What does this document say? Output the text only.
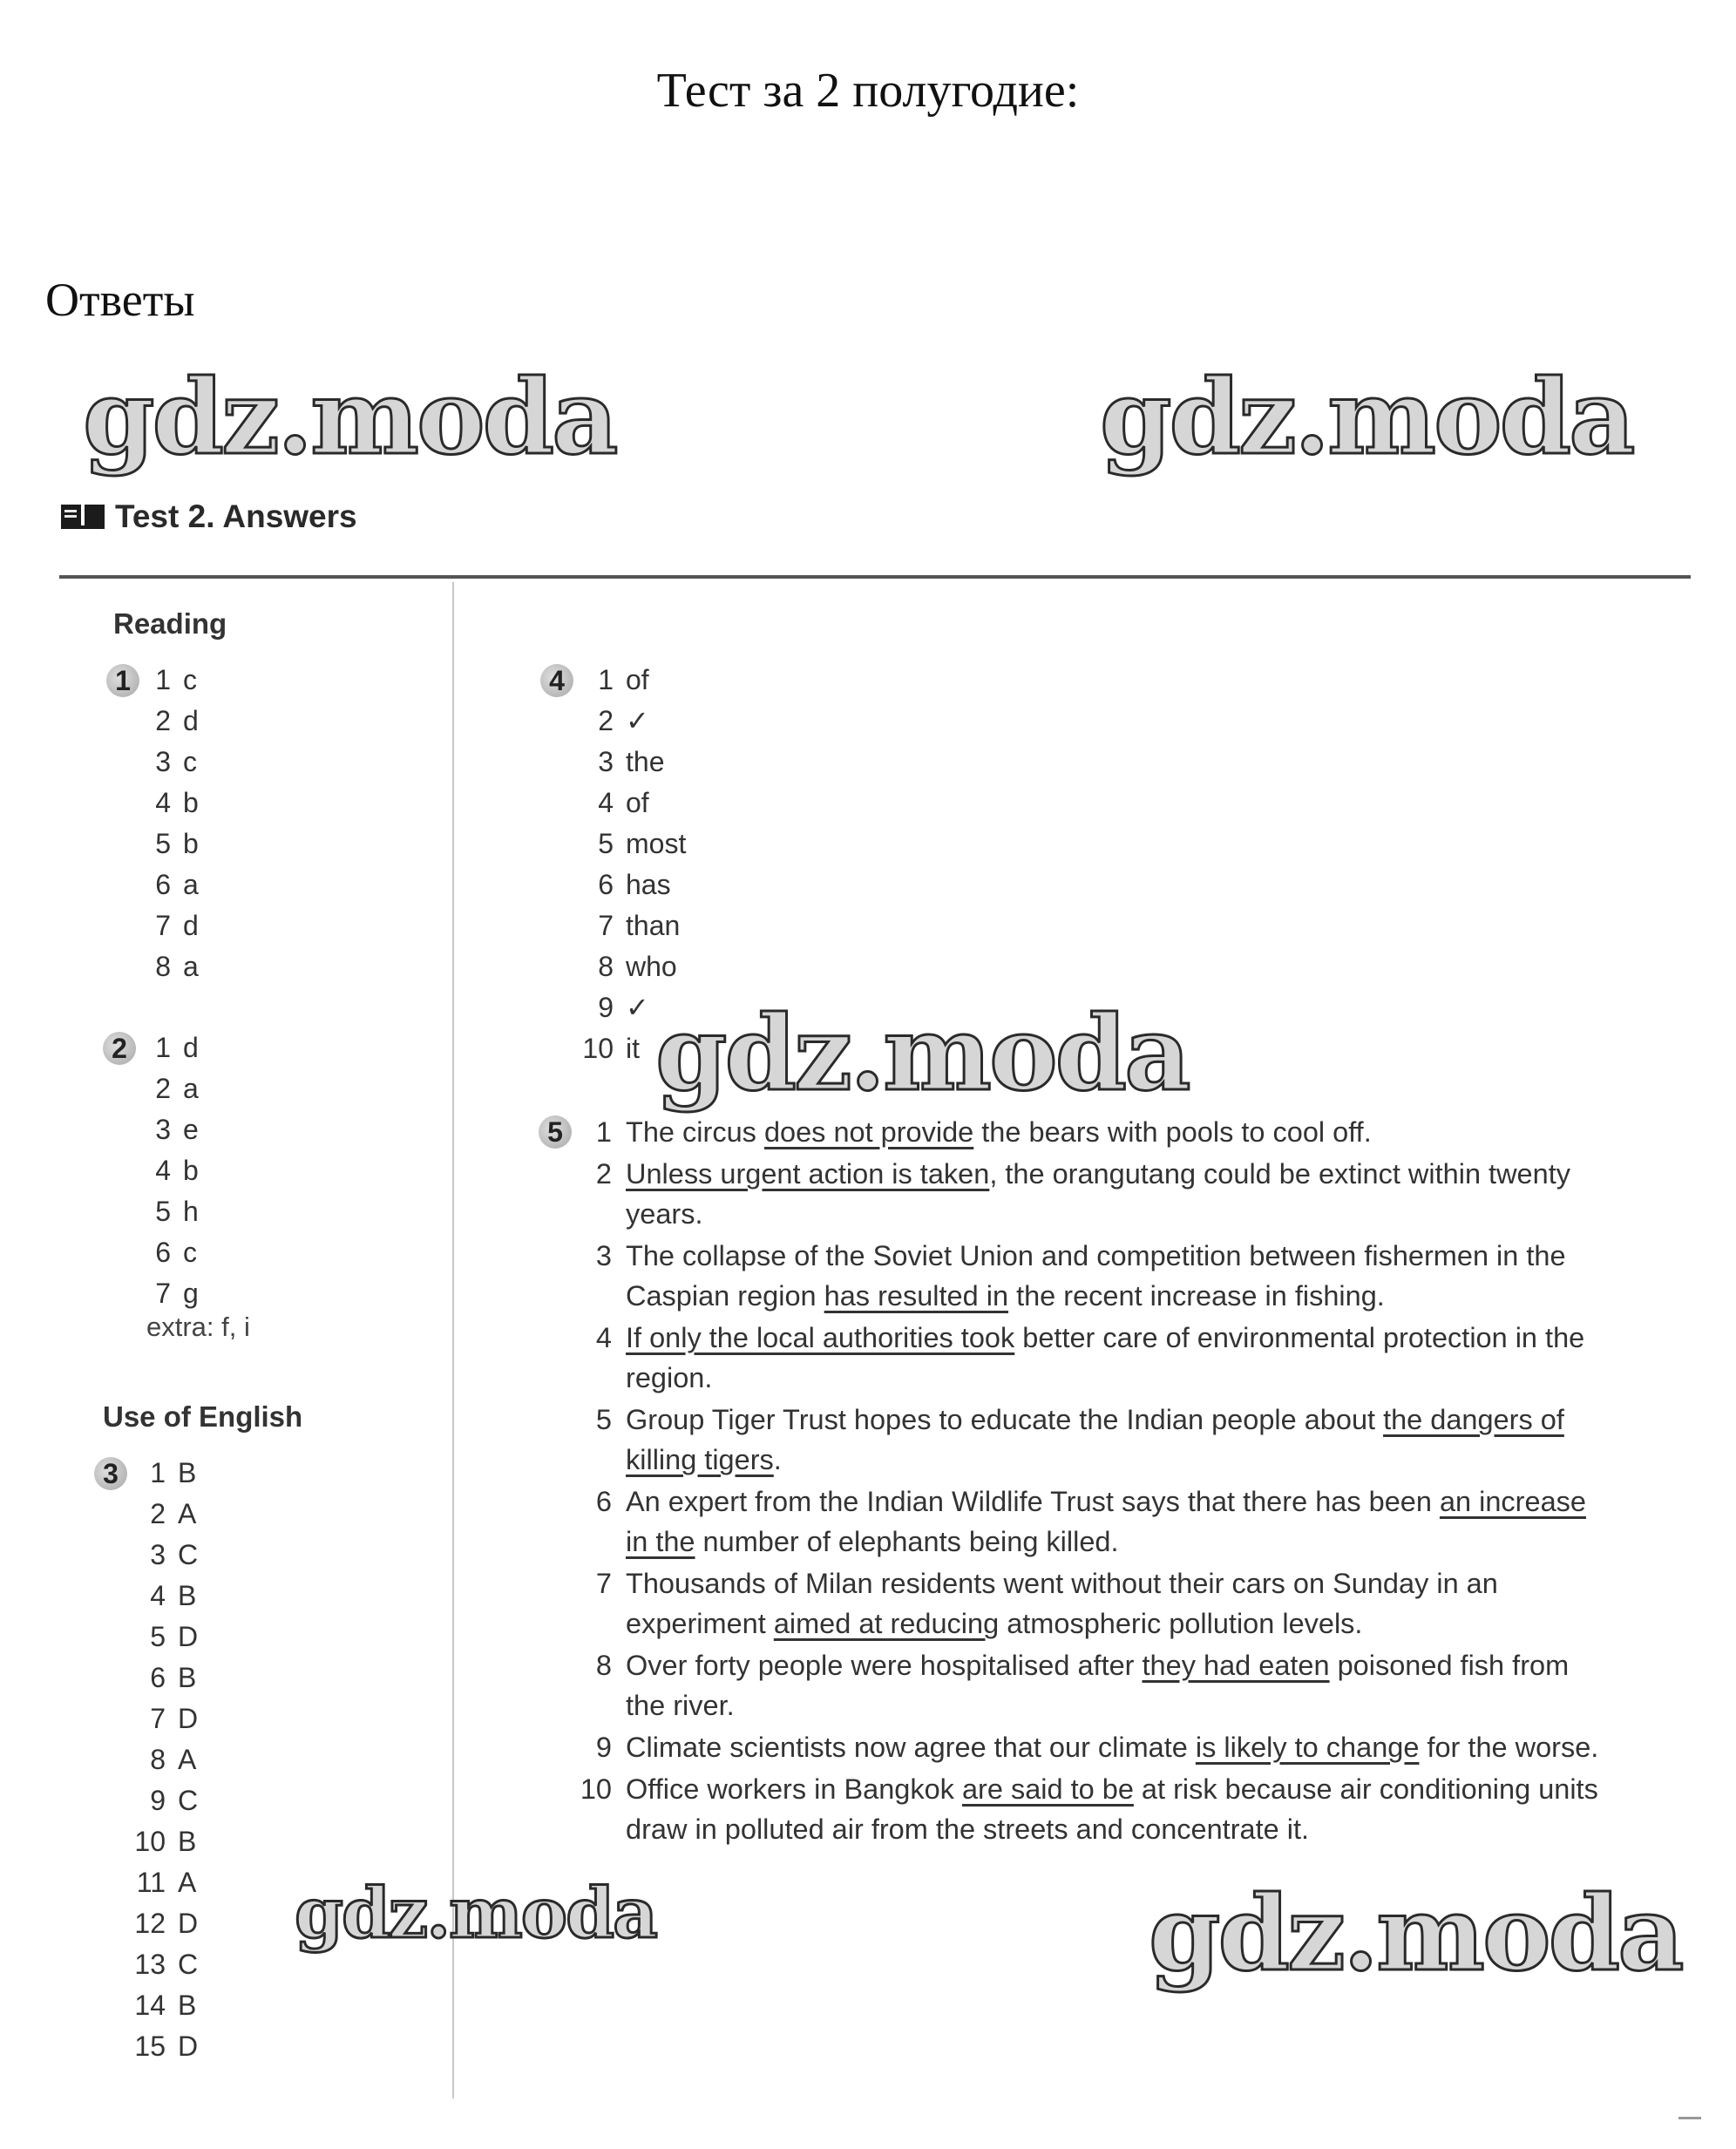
Тест за 2 полугодие:
Ответы
Test 2. Answers
Reading
1 1 c
2 d
3 c
4 b
5 b
6 a
7 d
8 a
2	1 d
2 a
3 e
4 b
5 h
6 c
7 g
extra: f, i
Use of English
3	1 B
2 A
3 C
4 B
5 D
6 B
7 D
8 A
9 C
10 B
11 A
12 D
13 C
14 B
15 D
4	1 of
2 ✓
3 the
4 of
5 most
6 has
7 than
8 who
9 ✓
10 it
5	1 The circus does not provide the bears with pools to cool off.
2 Unless urgent action is taken, the orangutang could be extinct within twenty years.
3 The collapse of the Soviet Union and competition between fishermen in the Caspian region has resulted in the recent increase in fishing.
4 If only the local authorities took better care of environmental protection in the region.
5 Group Tiger Trust hopes to educate the Indian people about the dangers of killing tigers.
6 An expert from the Indian Wildlife Trust says that there has been an increase in the number of elephants being killed.
7 Thousands of Milan residents went without their cars on Sunday in an experiment aimed at reducing atmospheric pollution levels.
8 Over forty people were hospitalised after they had eaten poisoned fish from the river.
9 Climate scientists now agree that our climate is likely to change for the worse.
10 Office workers in Bangkok are said to be at risk because air conditioning units draw in polluted air from the streets and concentrate it.
gdz.moda	gdz.moda
gdz.moda
gdz.moda	gdz.moda
